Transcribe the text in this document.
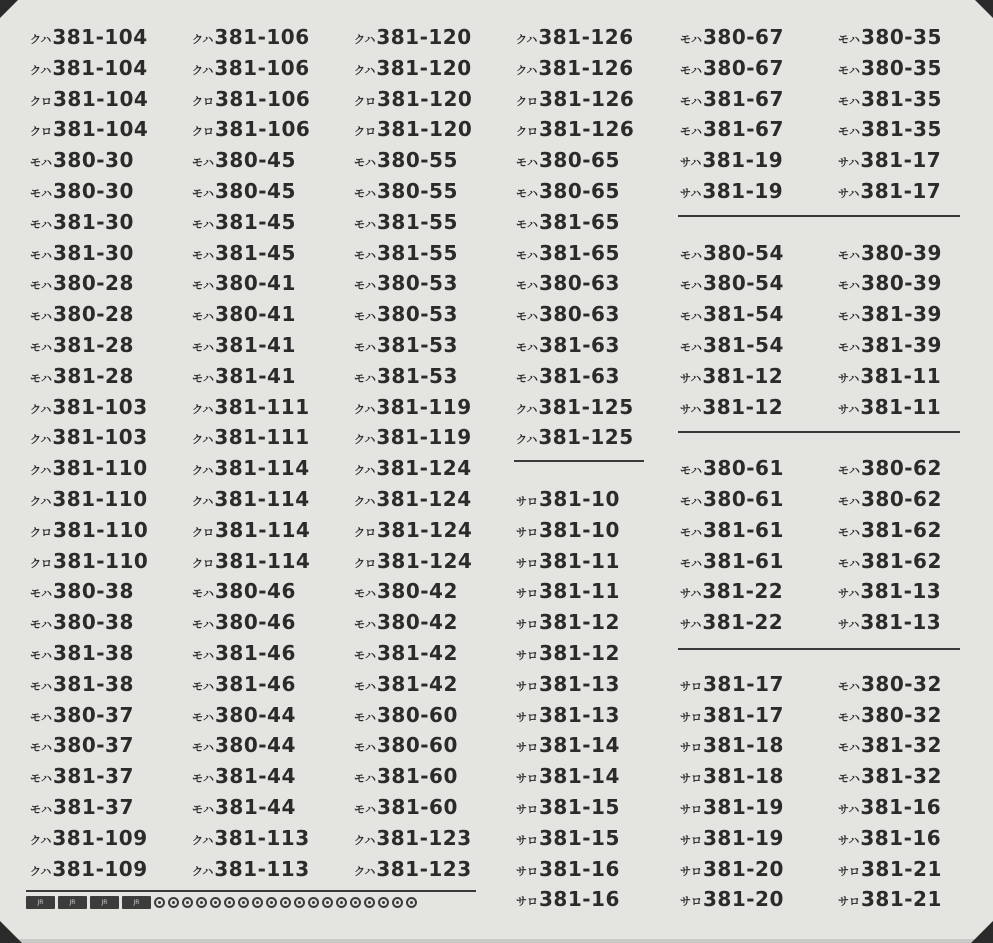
クハ381-104
クハ381-104
クロ381-104
クロ381-104
モハ380-30
モハ380-30
モハ381-30
モハ381-30
モハ380-28
モハ380-28
モハ381-28
モハ381-28
クハ381-103
クハ381-103
クハ381-110
クハ381-110
クロ381-110
クロ381-110
モハ380-38
モハ380-38
モハ381-38
モハ381-38
モハ380-37
モハ380-37
モハ381-37
モハ381-37
クハ381-109
クハ381-109
クハ381-106
クハ381-106
クロ381-106
クロ381-106
モハ380-45
モハ380-45
モハ381-45
モハ381-45
モハ380-41
モハ380-41
モハ381-41
モハ381-41
クハ381-111
クハ381-111
クハ381-114
クハ381-114
クロ381-114
クロ381-114
モハ380-46
モハ380-46
モハ381-46
モハ381-46
モハ380-44
モハ380-44
モハ381-44
モハ381-44
クハ381-113
クハ381-113
クハ381-120
クハ381-120
クロ381-120
クロ381-120
モハ380-55
モハ380-55
モハ381-55
モハ381-55
モハ380-53
モハ380-53
モハ381-53
モハ381-53
クハ381-119
クハ381-119
クハ381-124
クハ381-124
クロ381-124
クロ381-124
モハ380-42
モハ380-42
モハ381-42
モハ381-42
モハ380-60
モハ380-60
モハ381-60
モハ381-60
クハ381-123
クハ381-123
クハ381-126
クハ381-126
クロ381-126
クロ381-126
モハ380-65
モハ380-65
モハ381-65
モハ381-65
モハ380-63
モハ380-63
モハ381-63
モハ381-63
クハ381-125
クハ381-125
サロ381-10
サロ381-10
サロ381-11
サロ381-11
サロ381-12
サロ381-12
サロ381-13
サロ381-13
サロ381-14
サロ381-14
サロ381-15
サロ381-15
サロ381-16
サロ381-16
モハ380-67
モハ380-67
モハ381-67
モハ381-67
サハ381-19
サハ381-19
モハ380-54
モハ380-54
モハ381-54
モハ381-54
サハ381-12
サハ381-12
モハ380-61
モハ380-61
モハ381-61
モハ381-61
サハ381-22
サハ381-22
サロ381-17
サロ381-17
サロ381-18
サロ381-18
サロ381-19
サロ381-19
サロ381-20
サロ381-20
モハ380-35
モハ380-35
モハ381-35
モハ381-35
サハ381-17
サハ381-17
モハ380-39
モハ380-39
モハ381-39
モハ381-39
サハ381-11
サハ381-11
モハ380-62
モハ380-62
モハ381-62
モハ381-62
サハ381-13
サハ381-13
モハ380-32
モハ380-32
モハ381-32
モハ381-32
サハ381-16
サハ381-16
サロ381-21
サロ381-21
JR	JR	JR	JR
